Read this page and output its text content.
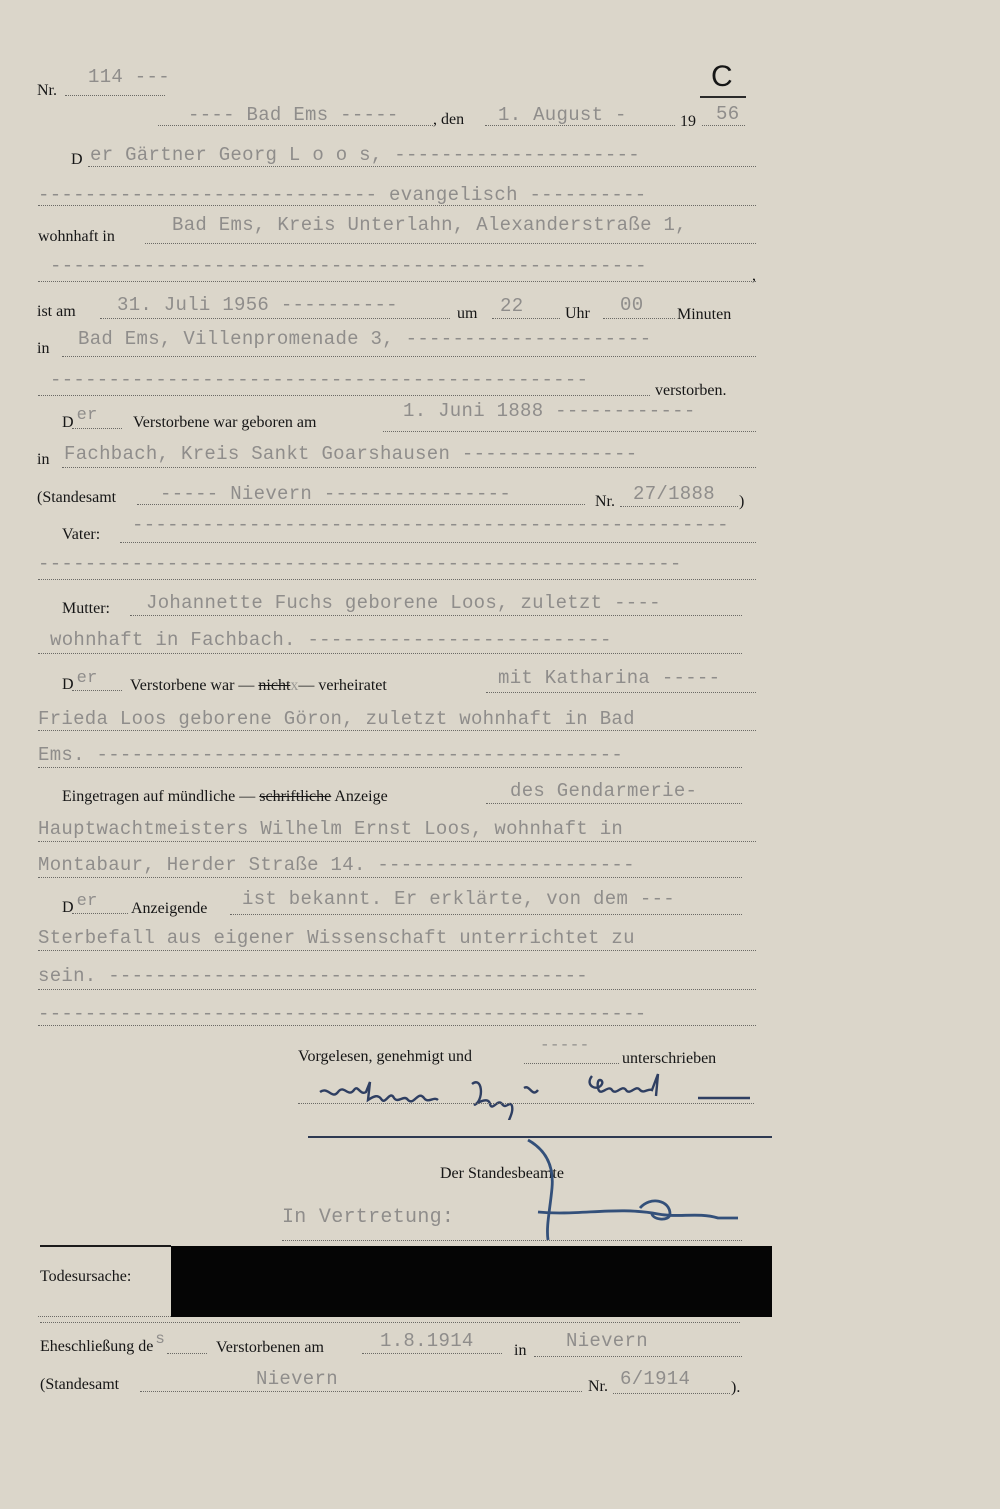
Nr.
114 ---	C
---- Bad Ems ----- , den 1. August -	19 56
D er Gärtner Georg L o o s, ---------------------
----------------------------- evangelisch ----------
wohnhaft in
Bad Ems, Kreis Unterlahn, Alexanderstraße 1,
---------------------------------------------------	,
ist am 31. Juli 1956 ----------	um 22	Uhr 00 Minuten
in Bad Ems, Villenpromenade 3, ---------------------
----------------------------------------------	verstorben.
D er Verstorbene war geboren am
1. Juni 1888 ------------
in Fachbach, Kreis Sankt Goarshausen ---------------
(Standesamt ----- Nievern ----------------	Nr. 27/1888 )
Vater: ---------------------------------------------------
-------------------------------------------------------
Mutter: Johannette Fuchs geborene Loos, zuletzt ----
wohnhaft in Fachbach. --------------------------
D er Verstorbene war — nichtx— verheiratet	mit Katharina -----
Frieda Loos geborene Göron, zuletzt wohnhaft in Bad
Ems. ---------------------------------------------
Eingetragen auf mündliche — schriftliche Anzeige	des Gendarmerie-
Hauptwachtmeisters Wilhelm Ernst Loos, wohnhaft in
Montabaur, Herder Straße 14. ----------------------
D er Anzeigende ist bekannt. Er erklärte, von dem ---
Sterbefall aus eigener Wissenschaft unterrichtet zu
sein. -----------------------------------------
----------------------------------------------------
Vorgelesen, genehmigt und
-----
unterschrieben
Der Standesbeamte
In Vertretung:
Todesursache:
Eheschließung de s	Verstorbenen am	1.8.1914	in Nievern
(Standesamt	Nievern	Nr. 6/1914	).
